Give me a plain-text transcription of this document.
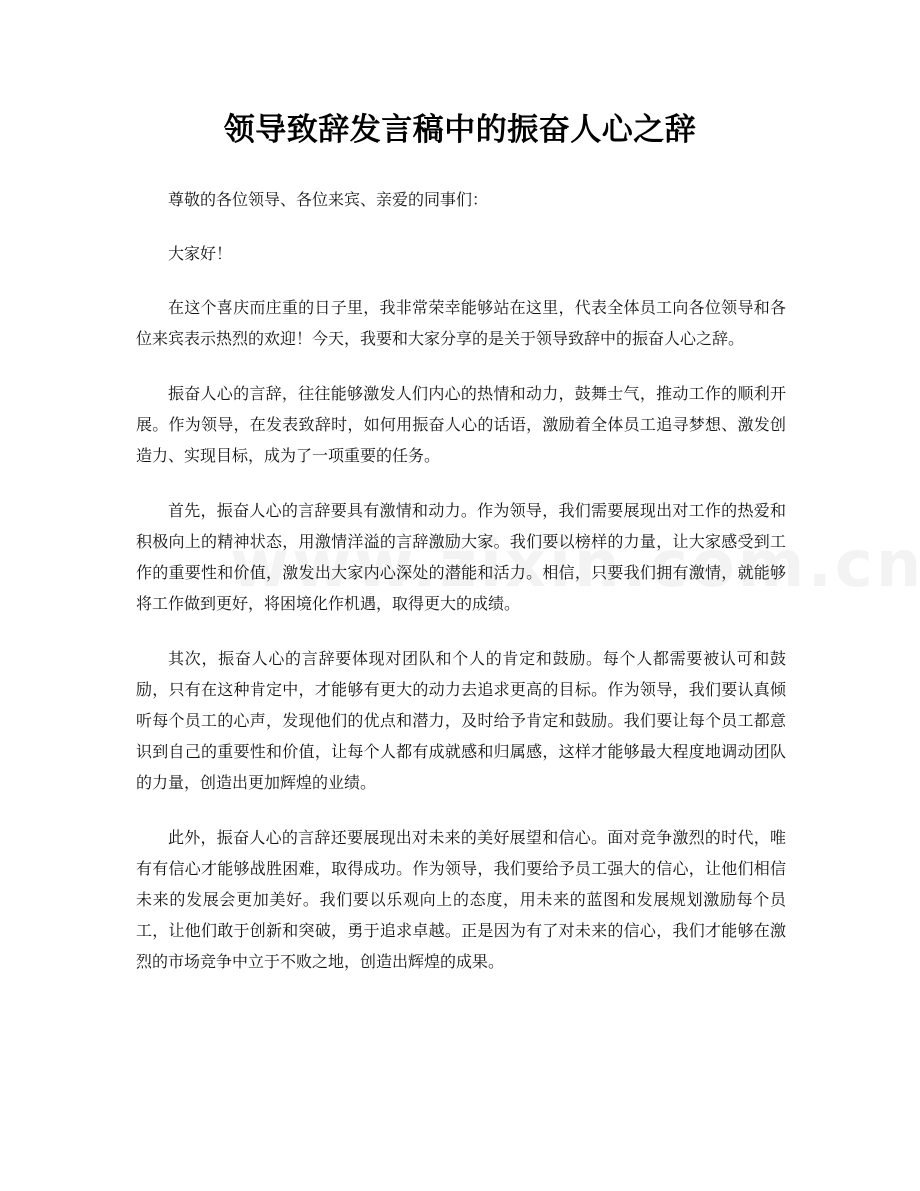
领导致辞发言稿中的振奋人心之辞

尊敬的各位领导、各位来宾、亲爱的同事们：

大家好！

在这个喜庆而庄重的日子里，我非常荣幸能够站在这里，代表全体员工向各位领导和各位来宾表示热烈的欢迎！今天，我要和大家分享的是关于领导致辞中的振奋人心之辞。

振奋人心的言辞，往往能够激发人们内心的热情和动力，鼓舞士气，推动工作的顺利开展。作为领导，在发表致辞时，如何用振奋人心的话语，激励着全体员工追寻梦想、激发创造力、实现目标，成为了一项重要的任务。

首先，振奋人心的言辞要具有激情和动力。作为领导，我们需要展现出对工作的热爱和积极向上的精神状态，用激情洋溢的言辞激励大家。我们要以榜样的力量，让大家感受到工作的重要性和价值，激发出大家内心深处的潜能和活力。相信，只要我们拥有激情，就能够将工作做到更好，将困境化作机遇，取得更大的成绩。

其次，振奋人心的言辞要体现对团队和个人的肯定和鼓励。每个人都需要被认可和鼓励，只有在这种肯定中，才能够有更大的动力去追求更高的目标。作为领导，我们要认真倾听每个员工的心声，发现他们的优点和潜力，及时给予肯定和鼓励。我们要让每个员工都意识到自己的重要性和价值，让每个人都有成就感和归属感，这样才能够最大程度地调动团队的力量，创造出更加辉煌的业绩。

此外，振奋人心的言辞还要展现出对未来的美好展望和信心。面对竞争激烈的时代，唯有有信心才能够战胜困难，取得成功。作为领导，我们要给予员工强大的信心，让他们相信未来的发展会更加美好。我们要以乐观向上的态度，用未来的蓝图和发展规划激励每个员工，让他们敢于创新和突破，勇于追求卓越。正是因为有了对未来的信心，我们才能够在激烈的市场竞争中立于不败之地，创造出辉煌的成果。
